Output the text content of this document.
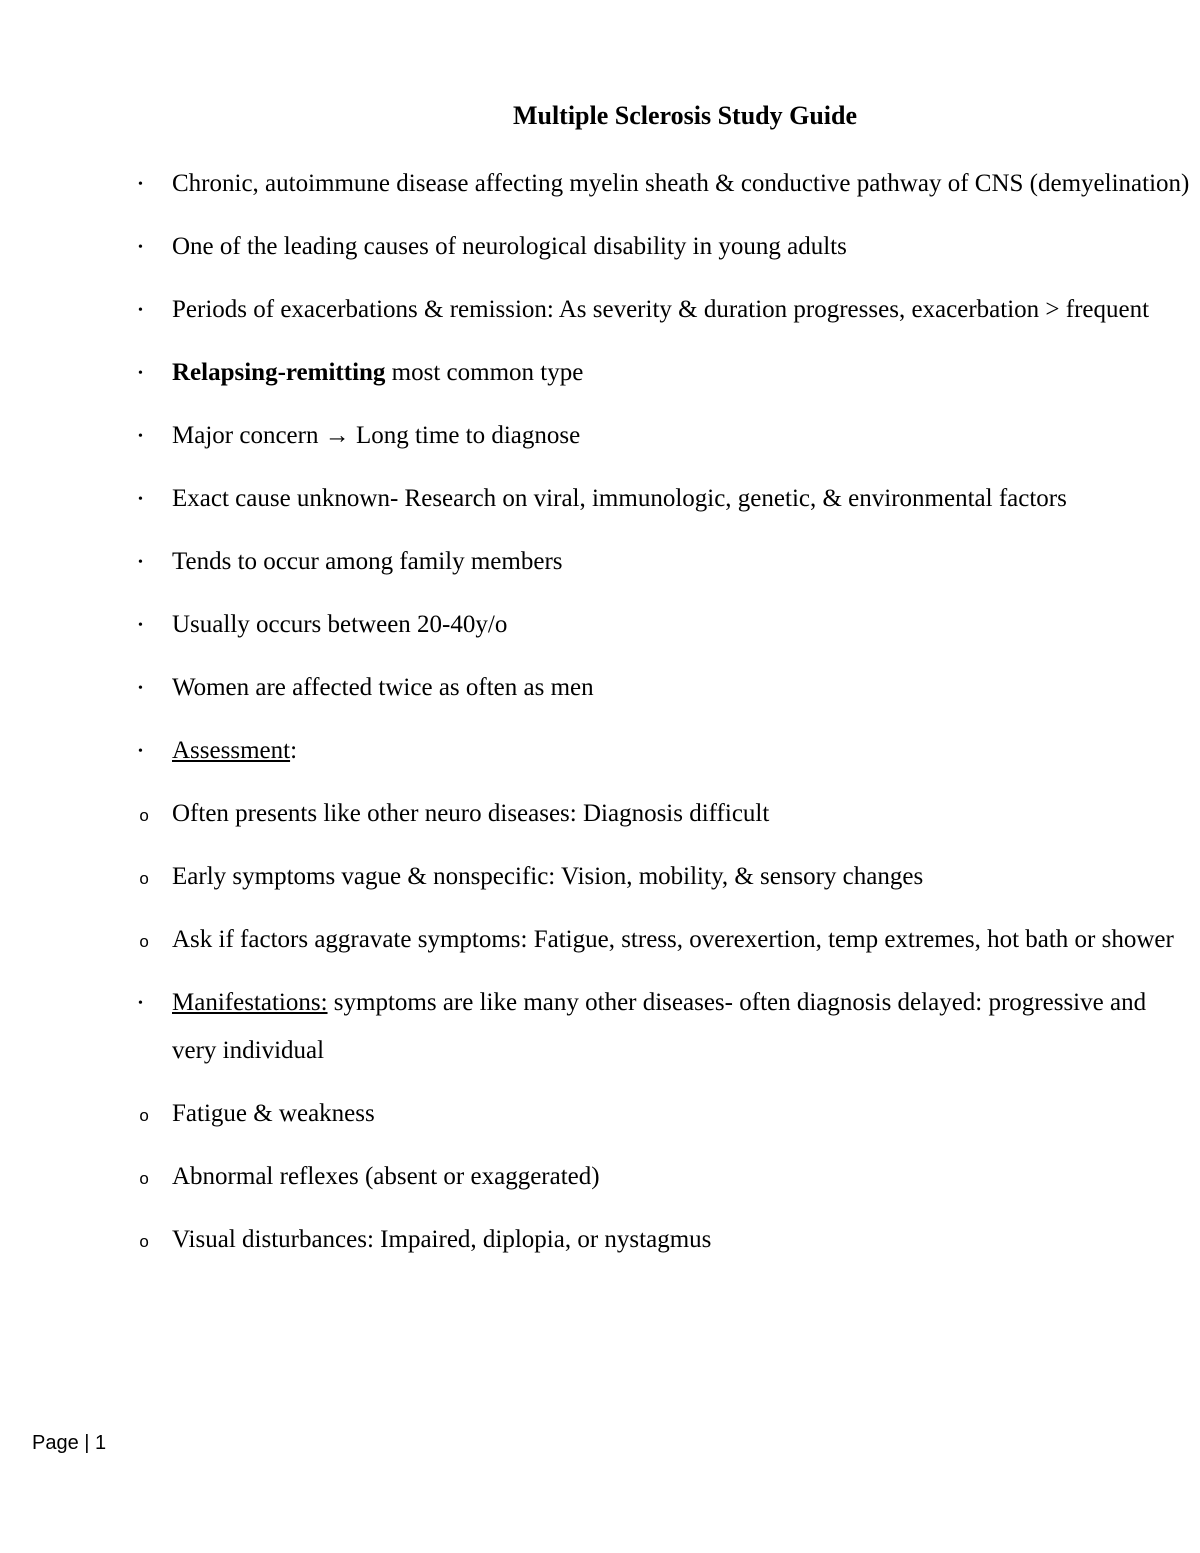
Multiple Sclerosis Study Guide
•
Chronic, autoimmune disease affecting myelin sheath & conductive pathway of CNS (demyelination)
•
One of the leading causes of neurological disability in young adults
•
Periods of exacerbations & remission: As severity & duration progresses, exacerbation > frequent
•
Relapsing-remitting most common type
•
Major concern → Long time to diagnose
•
Exact cause unknown- Research on viral, immunologic, genetic, & environmental factors
•
Tends to occur among family members
•
Usually occurs between 20-40y/o
•
Women are affected twice as often as men
•
Assessment:
o
Often presents like other neuro diseases: Diagnosis difficult
o
Early symptoms vague & nonspecific: Vision, mobility, & sensory changes
o
Ask if factors aggravate symptoms: Fatigue, stress, overexertion, temp extremes, hot bath or shower
•
Manifestations: symptoms are like many other diseases- often diagnosis delayed: progressive and very individual
o
Fatigue & weakness
o
Abnormal reflexes (absent or exaggerated)
o
Visual disturbances: Impaired, diplopia, or nystagmus
Page | 1
